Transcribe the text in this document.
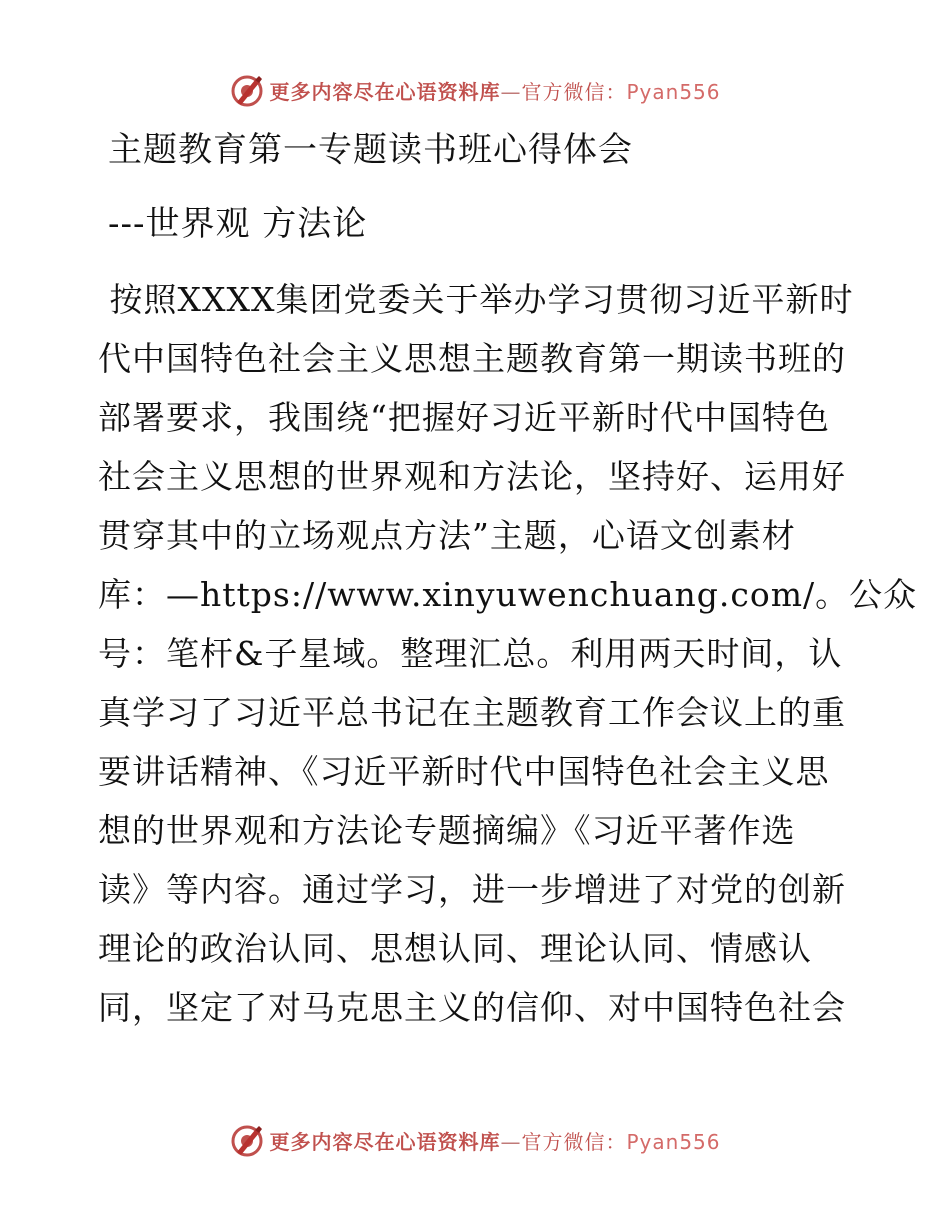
更多内容尽在心语资料库—官方微信：Pyan556
主题教育第一专题读书班心得体会
---世界观 方法论
按照XXXX集团党委关于举办学习贯彻习近平新时
代中国特色社会主义思想主题教育第一期读书班的
部署要求，我围绕“把握好习近平新时代中国特色
社会主义思想的世界观和方法论，坚持好、运用好
贯穿其中的立场观点方法”主题，心语文创素材
库：—https://www.xinyuwenchuang.com/。公众
号：笔杆&子星域。整理汇总。利用两天时间，认
真学习了习近平总书记在主题教育工作会议上的重
要讲话精神、《习近平新时代中国特色社会主义思
想的世界观和方法论专题摘编》《习近平著作选
读》等内容。通过学习，进一步增进了对党的创新
理论的政治认同、思想认同、理论认同、情感认
同，坚定了对马克思主义的信仰、对中国特色社会
更多内容尽在心语资料库—官方微信：Pyan556
